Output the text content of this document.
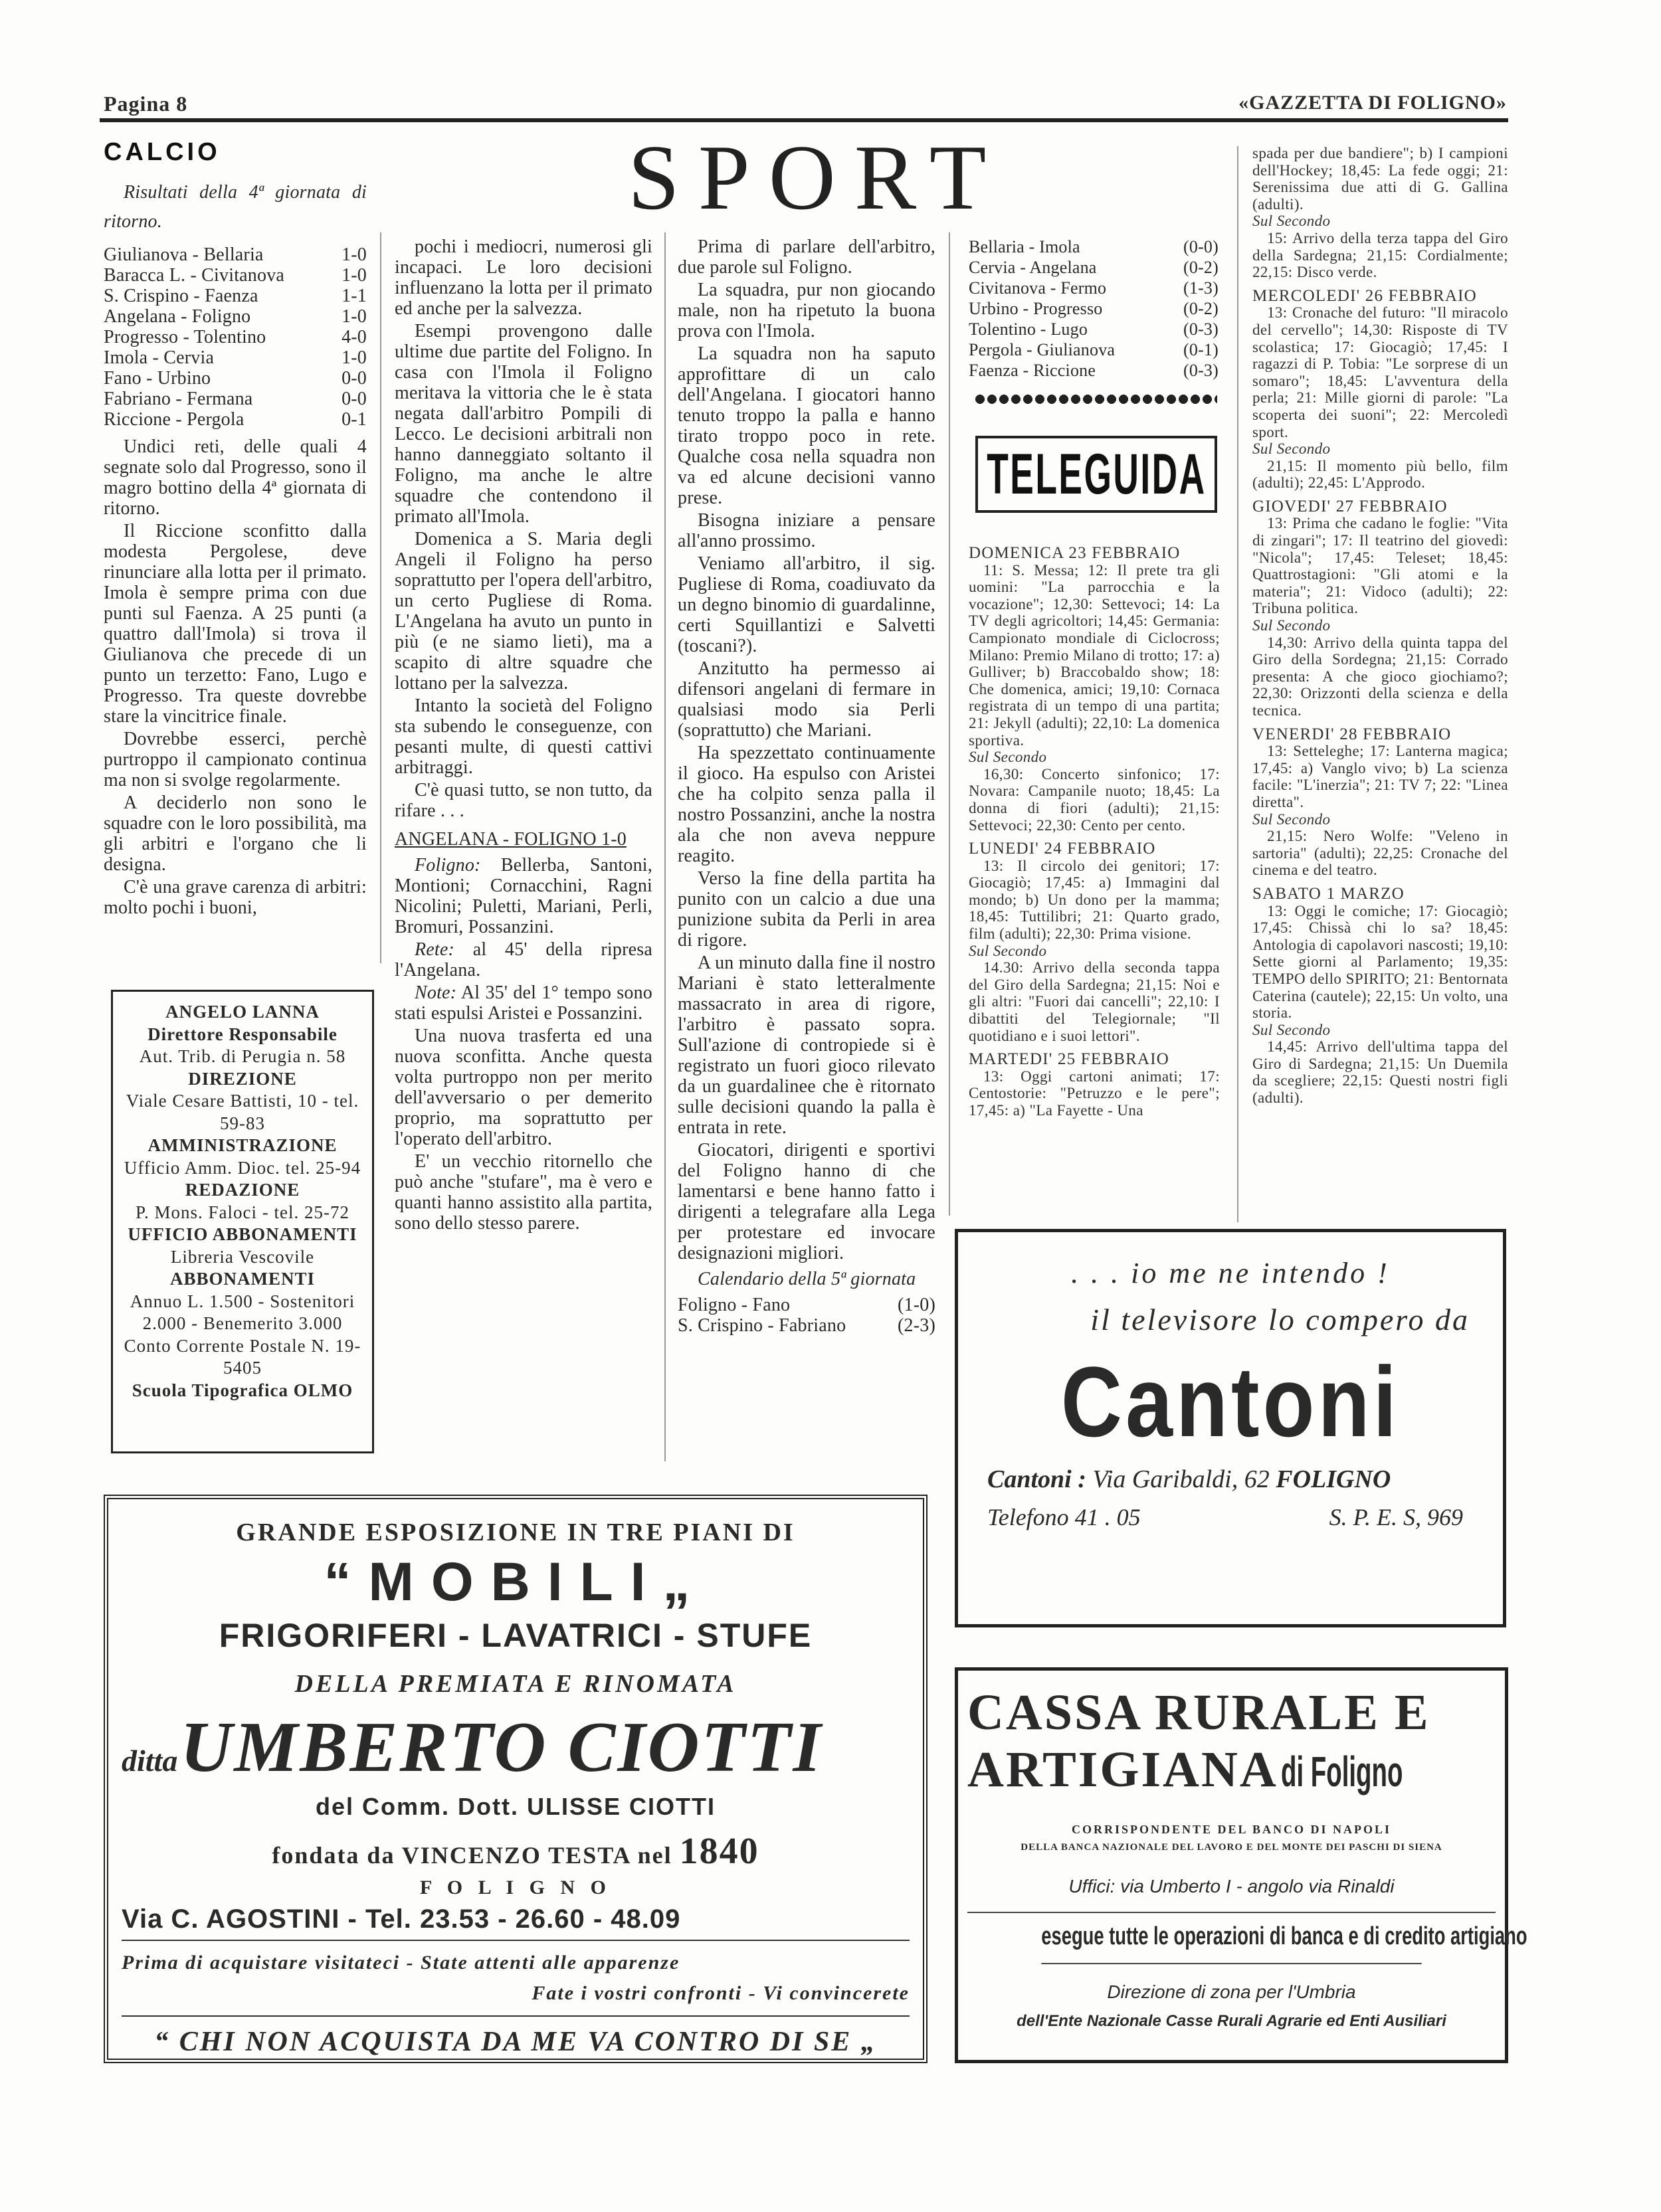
Pagina 8	«GAZZETTA DI FOLIGNO»
CALCIO

Risultati della 4ª giornata di ritorno.

Giulianova - Bellaria	1-0
Baracca L. - Civitanova	1-0
S. Crispino - Faenza	1-1
Angelana - Foligno	1-0
Progresso - Tolentino	4-0
Imola - Cervia	1-0
Fano - Urbino	0-0
Fabriano - Fermana	0-0
Riccione - Pergola	0-1

Undici reti, delle quali 4 segnate solo dal Progresso, sono il magro bottino della 4ª giornata di ritorno.

Il Riccione sconfitto dalla modesta Pergolese, deve rinunciare alla lotta per il primato. Imola è sempre prima con due punti sul Faenza. A 25 punti (a quattro dall'Imola) si trova il Giulianova che precede di un punto un terzetto: Fano, Lugo e Progresso. Tra queste dovrebbe stare la vincitrice finale.

Dovrebbe esserci, perchè purtroppo il campionato continua ma non si svolge regolarmente.

A deciderlo non sono le squadre con le loro possibilità, ma gli arbitri e l'organo che li designa.

C'è una grave carenza di arbitri: molto pochi i buoni,

SPORT

pochi i mediocri, numerosi gli incapaci. Le loro decisioni influenzano la lotta per il primato ed anche per la salvezza.

Esempi provengono dalle ultime due partite del Foligno. In casa con l'Imola il Foligno meritava la vittoria che le è stata negata dall'arbitro Pompili di Lecco. Le decisioni arbitrali non hanno danneggiato soltanto il Foligno, ma anche le altre squadre che contendono il primato all'Imola.

Domenica a S. Maria degli Angeli il Foligno ha perso soprattutto per l'opera dell'arbitro, un certo Pugliese di Roma. L'Angelana ha avuto un punto in più (e ne siamo lieti), ma a scapito di altre squadre che lottano per la salvezza.

Intanto la società del Foligno sta subendo le conseguenze, con pesanti multe, di questi cattivi arbitraggi.

C'è quasi tutto, se non tutto, da rifare . . .

ANGELANA - FOLIGNO 1-0

Foligno: Bellerba, Santoni, Montioni; Cornacchini, Ragni Nicolini; Puletti, Mariani, Perli, Bromuri, Possanzini.

Rete: al 45' della ripresa l'Angelana.

Note: Al 35' del 1° tempo sono stati espulsi Aristei e Possanzini.

Una nuova trasferta ed una nuova sconfitta. Anche questa volta purtroppo non per merito dell'avversario o per demerito proprio, ma soprattutto per l'operato dell'arbitro.

E' un vecchio ritornello che può anche "stufare", ma è vero e quanti hanno assistito alla partita, sono dello stesso parere.

Prima di parlare dell'arbitro, due parole sul Foligno.

La squadra, pur non giocando male, non ha ripetuto la buona prova con l'Imola.

La squadra non ha saputo approfittare di un calo dell'Angelana. I giocatori hanno tenuto troppo la palla e hanno tirato troppo poco in rete. Qualche cosa nella squadra non va ed alcune decisioni vanno prese.

Bisogna iniziare a pensare all'anno prossimo.

Veniamo all'arbitro, il sig. Pugliese di Roma, coadiuvato da un degno binomio di guardalinne, certi Squillantizi e Salvetti (toscani?).

Anzitutto ha permesso ai difensori angelani di fermare in qualsiasi modo sia Perli (soprattutto) che Mariani.

Ha spezzettato continuamente il gioco. Ha espulso con Aristei che ha colpito senza palla il nostro Possanzini, anche la nostra ala che non aveva neppure reagito.

Verso la fine della partita ha punito con un calcio a due una punizione subita da Perli in area di rigore.

A un minuto dalla fine il nostro Mariani è stato letteralmente massacrato in area di rigore, l'arbitro è passato sopra. Sull'azione di contropiede si è registrato un fuori gioco rilevato da un guardalinee che è ritornato sulle decisioni quando la palla è entrata in rete.

Giocatori, dirigenti e sportivi del Foligno hanno di che lamentarsi e bene hanno fatto i dirigenti a telegrafare alla Lega per protestare ed invocare designazioni migliori.

Calendario della 5ª giornata

Foligno - Fano	(1-0)
S. Crispino - Fabriano	(2-3)
Bellaria - Imola	(0-0)
Cervia - Angelana	(0-2)
Civitanova - Fermo	(1-3)
Urbino - Progresso	(0-2)
Tolentino - Lugo	(0-3)
Pergola - Giulianova	(0-1)
Faenza - Riccione	(0-3)
TELEGUIDA
DOMENICA 23 FEBBRAIO
11: S. Messa; 12: Il prete tra gli uomini: "La parrocchia e la vocazione"; 12,30: Settevoci; 14: La TV degli agricoltori; 14,45: Germania: Campionato mondiale di Ciclocross; Milano: Premio Milano di trotto; 17: a) Gulliver; b) Braccobaldo show; 18: Che domenica, amici; 19,10: Cornaca registrata di un tempo di una partita; 21: Jekyll (adulti); 22,10: La domenica sportiva.
Sul Secondo
16,30: Concerto sinfonico; 17: Novara: Campanile nuoto; 18,45: La donna di fiori (adulti); 21,15: Settevoci; 22,30: Cento per cento.
LUNEDI' 24 FEBBRAIO
13: Il circolo dei genitori; 17: Giocagiò; 17,45: a) Immagini dal mondo; b) Un dono per la mamma; 18,45: Tuttilibri; 21: Quarto grado, film (adulti); 22,30: Prima visione.
Sul Secondo
14.30: Arrivo della seconda tappa del Giro della Sardegna; 21,15: Noi e gli altri: "Fuori dai cancelli"; 22,10: I dibattiti del Telegiornale; "Il quotidiano e i suoi lettori".
MARTEDI' 25 FEBBRAIO
13: Oggi cartoni animati; 17: Centostorie: "Petruzzo e le pere"; 17,45: a) "La Fayette - Una
spada per due bandiere"; b) I campioni dell'Hockey; 18,45: La fede oggi; 21: Serenissima due atti di G. Gallina (adulti).
Sul Secondo
15: Arrivo della terza tappa del Giro della Sardegna; 21,15: Cordialmente; 22,15: Disco verde.
MERCOLEDI' 26 FEBBRAIO
13: Cronache del futuro: "Il miracolo del cervello"; 14,30: Risposte di TV scolastica; 17: Giocagiò; 17,45: I ragazzi di P. Tobia: "Le sorprese di un somaro"; 18,45: L'avventura della perla; 21: Mille giorni di parole: "La scoperta dei suoni"; 22: Mercoledì sport.
Sul Secondo
21,15: Il momento più bello, film (adulti); 22,45: L'Approdo.
GIOVEDI' 27 FEBBRAIO
13: Prima che cadano le foglie: "Vita di zingari"; 17: Il teatrino del giovedì: "Nicola"; 17,45: Teleset; 18,45: Quattrostagioni: "Gli atomi e la materia"; 21: Vidoco (adulti); 22: Tribuna politica.
Sul Secondo
14,30: Arrivo della quinta tappa del Giro della Sordegna; 21,15: Corrado presenta: A che gioco giochiamo?; 22,30: Orizzonti della scienza e della tecnica.
VENERDI' 28 FEBBRAIO
13: Setteleghe; 17: Lanterna magica; 17,45: a) Vanglo vivo; b) La scienza facile: "L'inerzia"; 21: TV 7; 22: "Linea diretta".
Sul Secondo
21,15: Nero Wolfe: "Veleno in sartoria" (adulti); 22,25: Cronache del cinema e del teatro.
SABATO 1 MARZO
13: Oggi le comiche; 17: Giocagiò; 17,45: Chissà chi lo sa? 18,45: Antologia di capolavori nascosti; 19,10: Sette giorni al Parlamento; 19,35: TEMPO dello SPIRITO; 21: Bentornata Caterina (cautele); 22,15: Un volto, una storia.
Sul Secondo
14,45: Arrivo dell'ultima tappa del Giro di Sardegna; 21,15: Un Duemila da scegliere; 22,15: Questi nostri figli (adulti).
ANGELO LANNA
Direttore Responsabile
Aut. Trib. di Perugia n. 58
DIREZIONE
Viale Cesare Battisti, 10 - tel. 59-83
AMMINISTRAZIONE
Ufficio Amm. Dioc. tel. 25-94
REDAZIONE
P. Mons. Faloci - tel. 25-72
UFFICIO ABBONAMENTI
Libreria Vescovile
ABBONAMENTI
Annuo L. 1.500 - Sostenitori 2.000 - Benemerito 3.000
Conto Corrente Postale N. 19-5405
Scuola Tipografica OLMO
GRANDE ESPOSIZIONE IN TRE PIANI DI
“MOBILI„
FRIGORIFERI - LAVATRICI - STUFE
DELLA PREMIATA E RINOMATA
ditta UMBERTO CIOTTI
del Comm. Dott. ULISSE CIOTTI
fondata da VINCENZO TESTA nel 1840
F O L I G N O
Via C. AGOSTINI - Tel. 23.53 - 26.60 - 48.09
Prima di acquistare visitateci - State attenti alle apparenze
Fate i vostri confronti - Vi convincerete
“ CHI NON ACQUISTA DA ME VA CONTRO DI SE „
. . . io me ne intendo !
il televisore lo compero da
Cantoni
Cantoni : Via Garibaldi, 62 FOLIGNO
Telefono 41 . 05	S. P. E. S, 969
CASSA RURALE E
ARTIGIANA di Foligno
CORRISPONDENTE DEL BANCO DI NAPOLI
DELLA BANCA NAZIONALE DEL LAVORO E DEL MONTE DEI PASCHI DI SIENA
Uffici: via Umberto I - angolo via Rinaldi
esegue tutte le operazioni di banca e di credito artigiano
Direzione di zona per l'Umbria
dell'Ente Nazionale Casse Rurali Agrarie ed Enti Ausiliari
